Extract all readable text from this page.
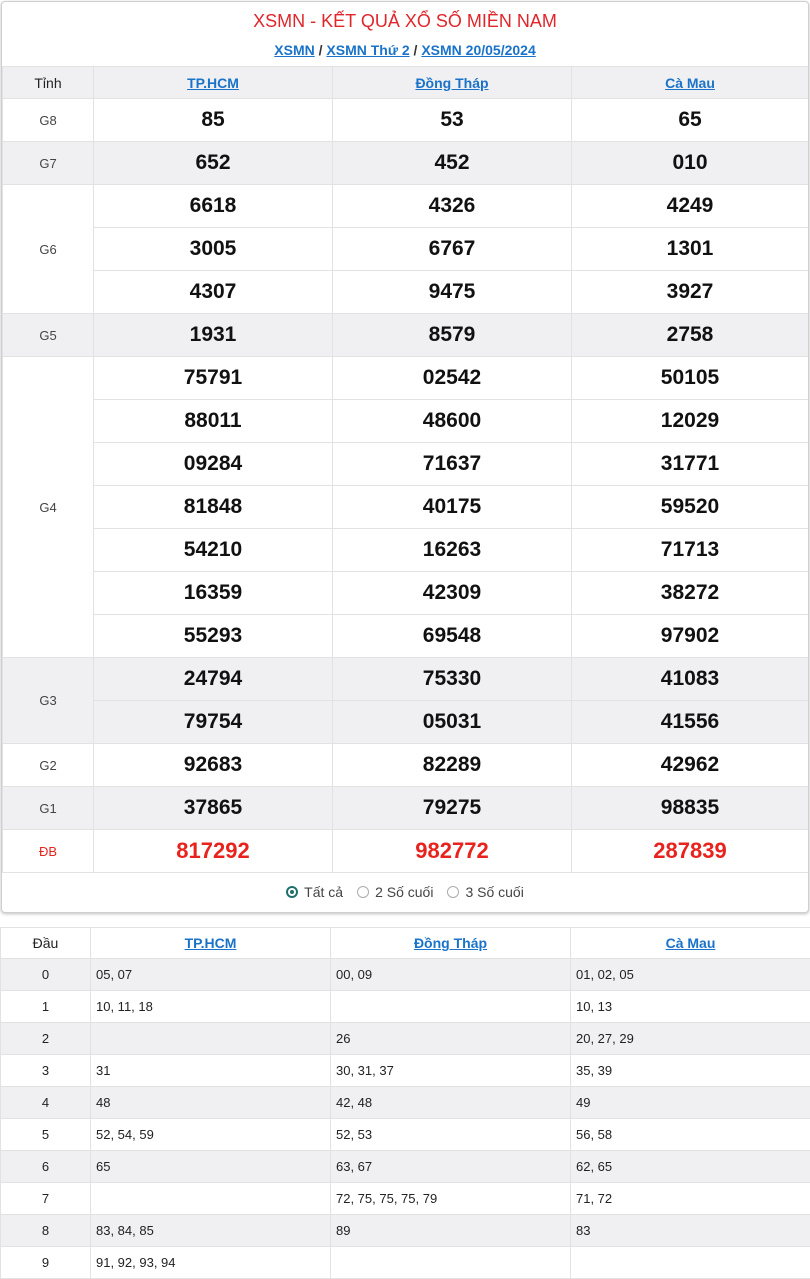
XSMN - KẾT QUẢ XỔ SỐ MIỀN NAM
XSMN / XSMN Thứ 2 / XSMN 20/05/2024
Tỉnh	TP.HCM	Đồng Tháp	Cà Mau
G8	85	53	65
G7	652	452	010
G6	6618	4326	4249
	3005	6767	1301
	4307	9475	3927
G5	1931	8579	2758
G4	75791	02542	50105
	88011	48600	12029
	09284	71637	31771
	81848	40175	59520
	54210	16263	71713
	16359	42309	38272
	55293	69548	97902
G3	24794	75330	41083
	79754	05031	41556
G2	92683	82289	42962
G1	37865	79275	98835
ĐB	817292	982772	287839
Tất cả 2 Số cuối 3 Số cuối
Đầu	TP.HCM	Đồng Tháp	Cà Mau
0	05, 07	00, 09	01, 02, 05
1	10, 11, 18		10, 13
2		26	20, 27, 29
3	31	30, 31, 37	35, 39
4	48	42, 48	49
5	52, 54, 59	52, 53	56, 58
6	65	63, 67	62, 65
7		72, 75, 75, 75, 79	71, 72
8	83, 84, 85	89	83
9	91, 92, 93, 94		
